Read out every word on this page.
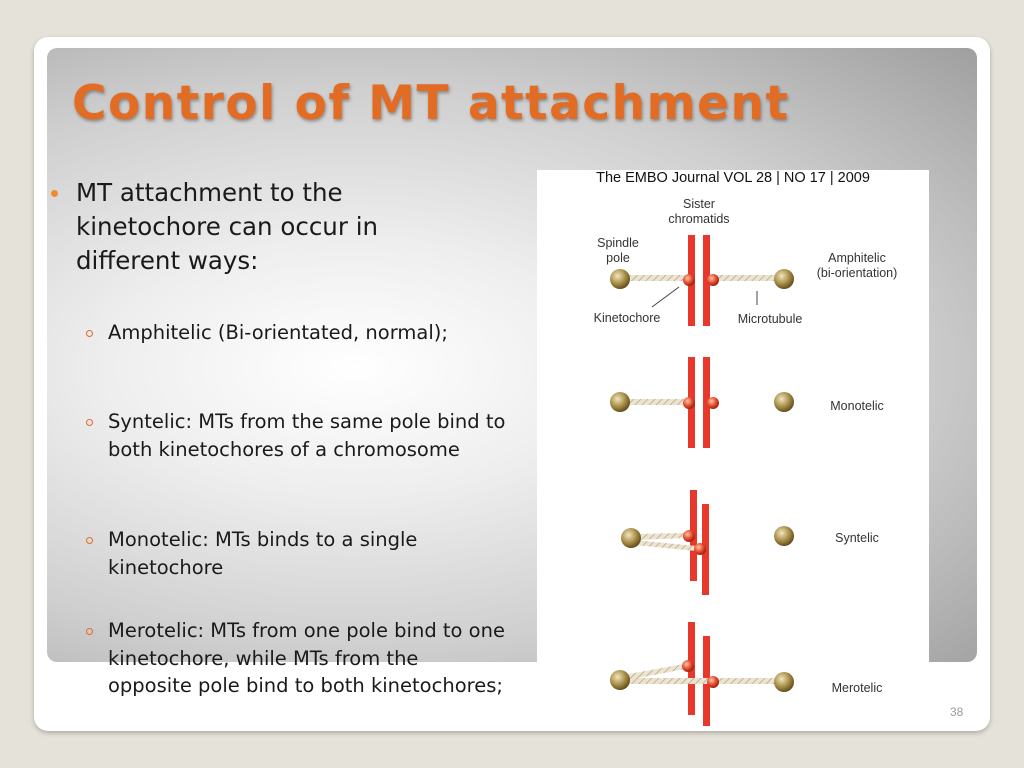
Control of MT attachment
MT attachment to the kinetochore can occur in different ways:
Amphitelic (Bi-orientated, normal);
Syntelic: MTs from the same pole bind to both kinetochores of a chromosome
Monotelic: MTs binds to a single kinetochore
Merotelic: MTs from one pole bind to one kinetochore, while MTs from the opposite pole bind to both kinetochores;
Sister
chromatids
Spindle
pole
Kinetochore	Microtubule
Amphitelic
(bi-orientation)
Monotelic
Syntelic
Merotelic
The EMBO Journal VOL 28 | NO 17 | 2009
38
